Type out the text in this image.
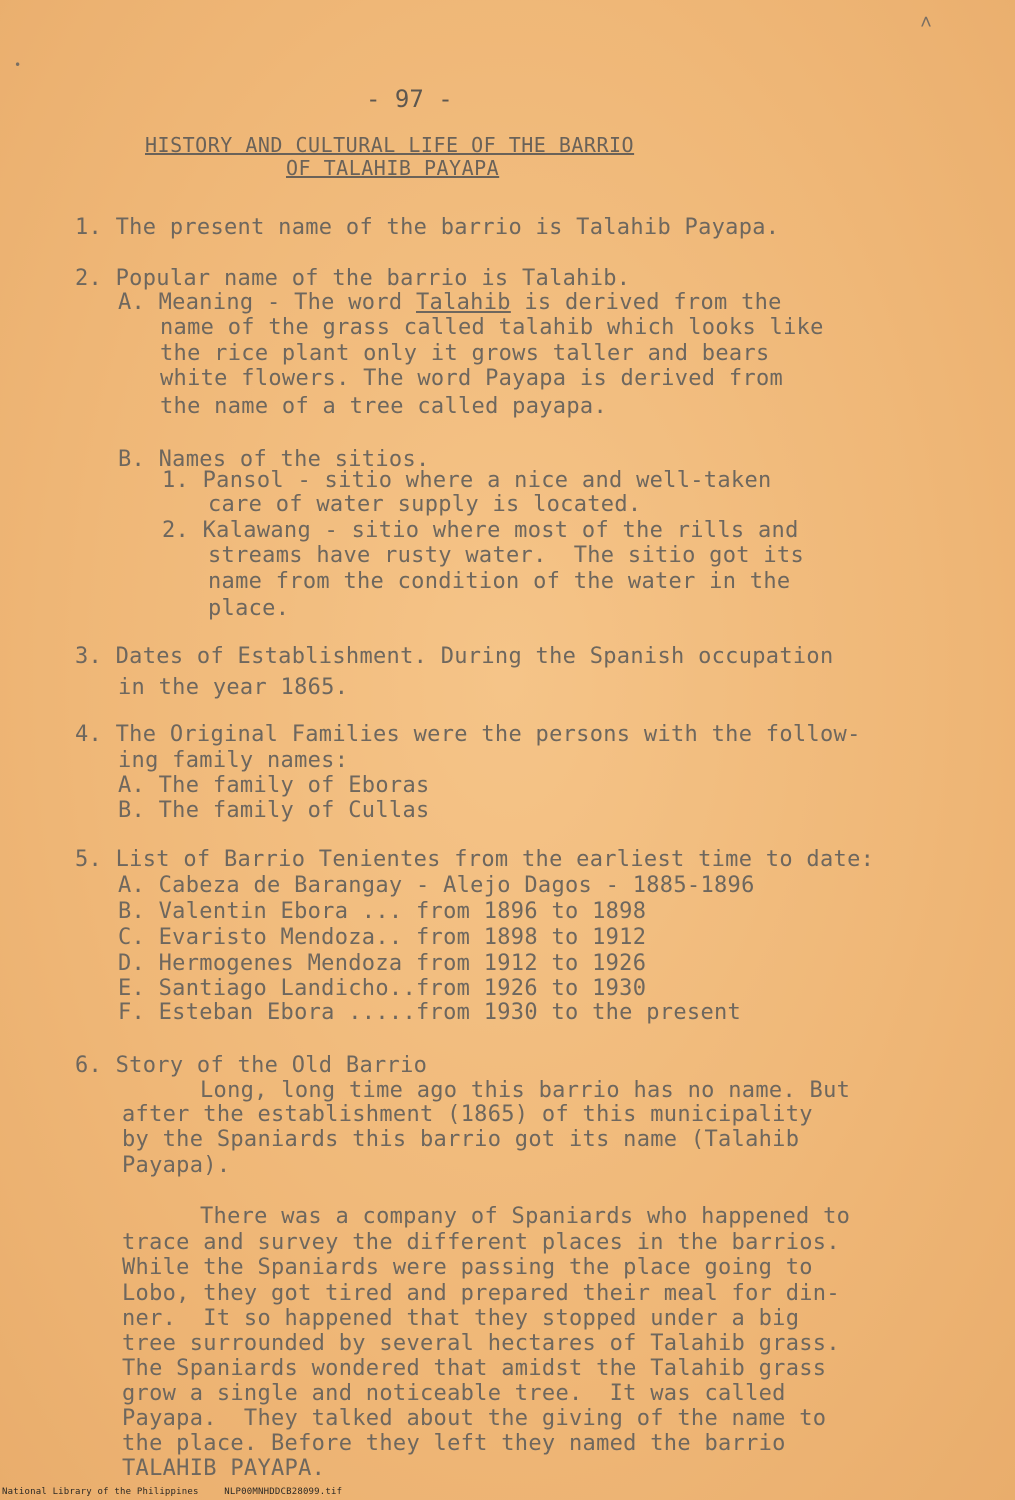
- 97 -
HISTORY AND CULTURAL LIFE OF THE BARRIO
OF TALAHIB PAYAPA
1. The present name of the barrio is Talahib Payapa.
2. Popular name of the barrio is Talahib.
A. Meaning - The word Talahib is derived from the
name of the grass called talahib which looks like
the rice plant only it grows taller and bears
white flowers. The word Payapa is derived from
the name of a tree called payapa.
B. Names of the sitios.
1. Pansol - sitio where a nice and well-taken
care of water supply is located.
2. Kalawang - sitio where most of the rills and
streams have rusty water.  The sitio got its
name from the condition of the water in the
place.
3. Dates of Establishment. During the Spanish occupation
in the year 1865.
4. The Original Families were the persons with the follow-
ing family names:
A. The family of Eboras
B. The family of Cullas
5. List of Barrio Tenientes from the earliest time to date:
A. Cabeza de Barangay - Alejo Dagos - 1885-1896
B. Valentin Ebora ... from 1896 to 1898
C. Evaristo Mendoza.. from 1898 to 1912
D. Hermogenes Mendoza from 1912 to 1926
E. Santiago Landicho..from 1926 to 1930
F. Esteban Ebora .....from 1930 to the present
6. Story of the Old Barrio
Long, long time ago this barrio has no name. But
after the establishment (1865) of this municipality
by the Spaniards this barrio got its name (Talahib
Payapa).
There was a company of Spaniards who happened to
trace and survey the different places in the barrios.
While the Spaniards were passing the place going to
Lobo, they got tired and prepared their meal for din-
ner.  It so happened that they stopped under a big
tree surrounded by several hectares of Talahib grass.
The Spaniards wondered that amidst the Talahib grass
grow a single and noticeable tree.  It was called
Payapa.  They talked about the giving of the name to
the place. Before they left they named the barrio
TALAHIB PAYAPA.
˄
•
National Library of the Philippines	NLP00MNHDDCB28099.tif
